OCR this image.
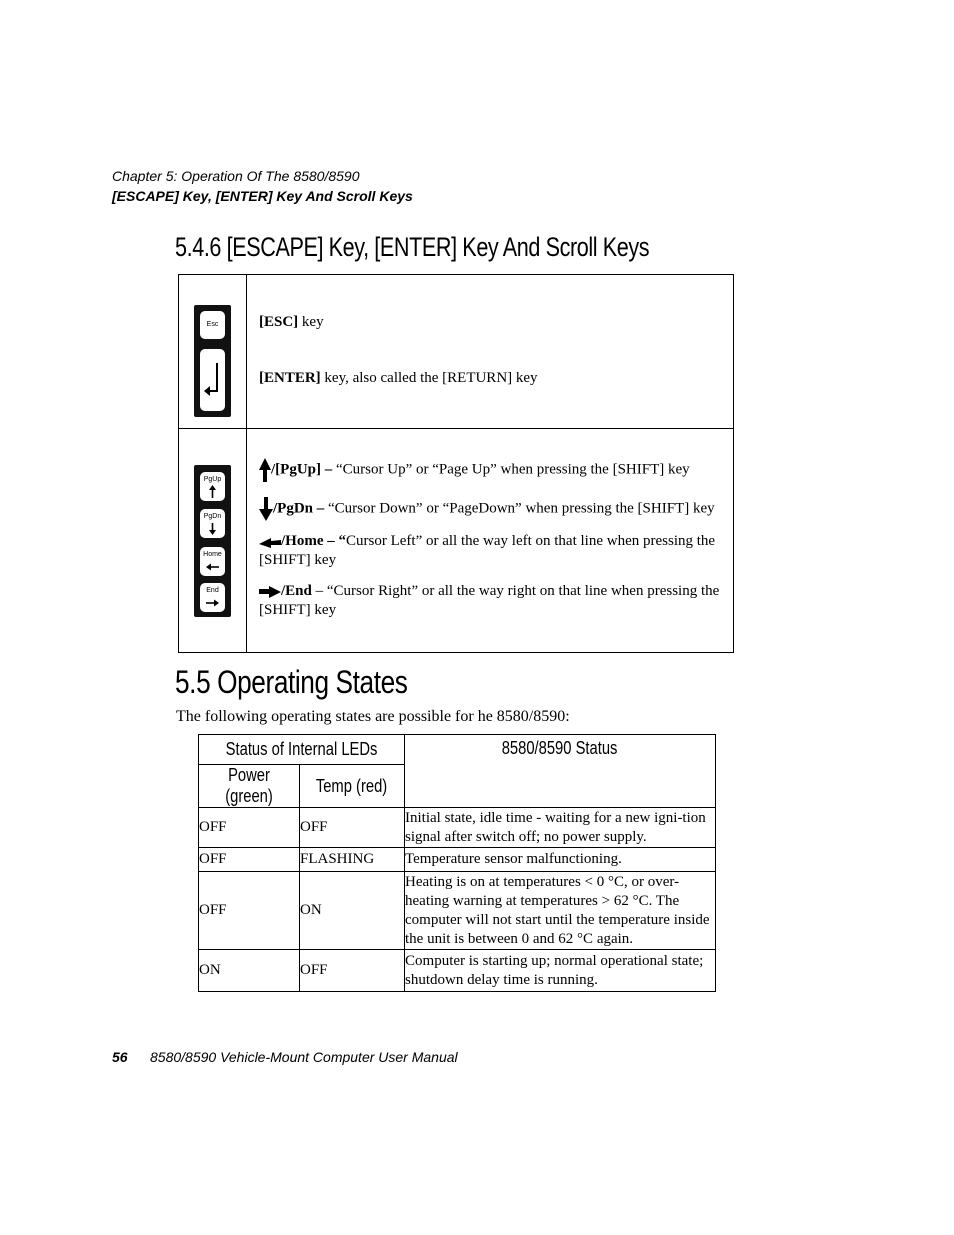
Chapter 5: Operation Of The 8580/8590
[ESCAPE] Key, [ENTER] Key And Scroll Keys
5.4.6 [ESCAPE] Key, [ENTER] Key And Scroll Keys
Esc
PgUp
PgDn
Home
End
[ESC] key
[ENTER] key, also called the [RETURN] key
/[PgUp] – “Cursor Up” or “Page Up” when pressing the [SHIFT] key
/PgDn – “Cursor Down” or “PageDown” when pressing the [SHIFT] key
/Home – “Cursor Left” or all the way left on that line when pressing the [SHIFT] key
/End – “Cursor Right” or all the way right on that line when pressing the [SHIFT] key
5.5 Operating States
The following operating states are possible for he 8580/8590:
Status of Internal LEDs		8580/8590 Status
Power (green)	Temp (red)	
OFF	OFF	Initial state, idle time - waiting for a new igni-tion signal after switch off; no power supply.
OFF	FLASHING	Temperature sensor malfunctioning.
OFF	ON	Heating is on at temperatures < 0 °C, or over-heating warning at temperatures > 62 °C. The computer will not start until the temperature inside the unit is between 0 and 62 °C again.
ON	OFF	Computer is starting up; normal operational state; shutdown delay time is running.
56 8580/8590 Vehicle-Mount Computer User Manual
